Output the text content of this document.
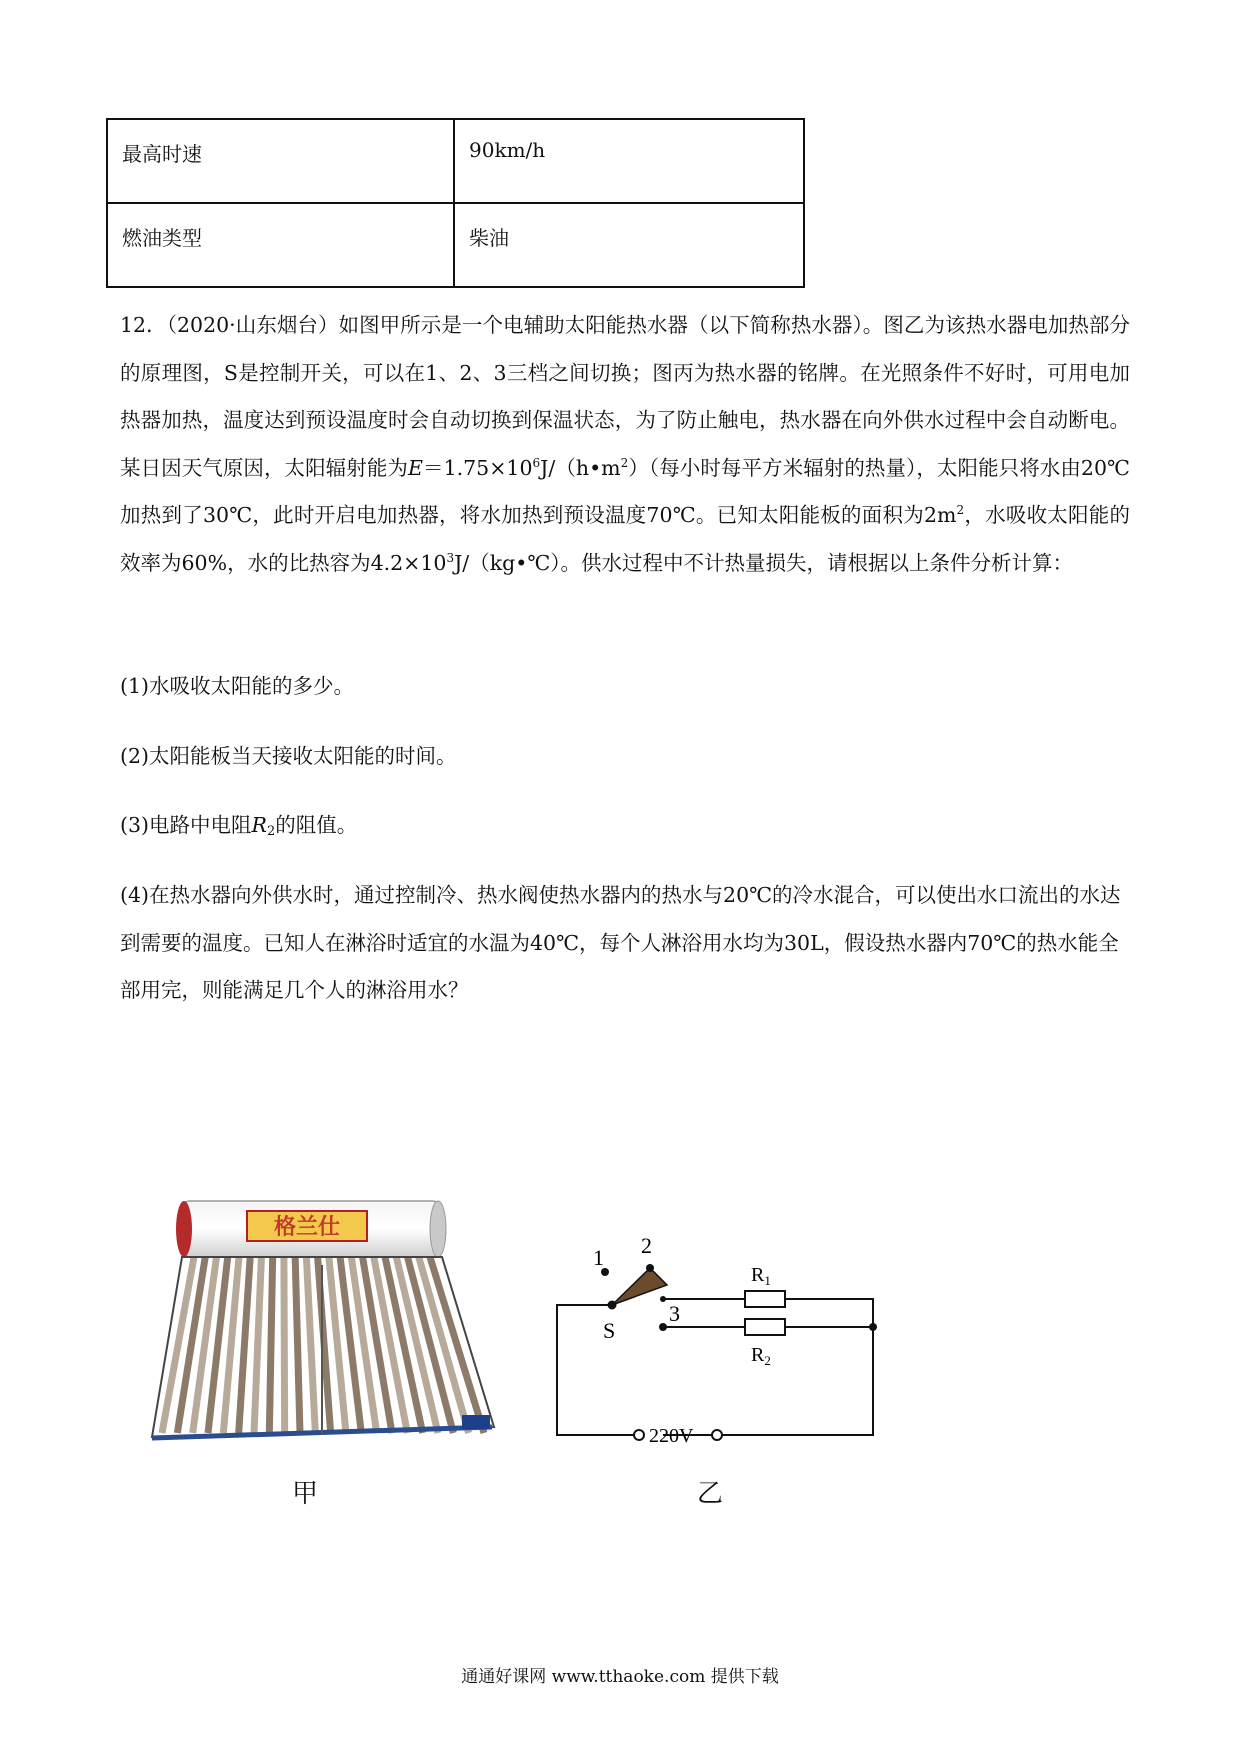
最高时速	90km/h
燃油类型	柴油

12．（2020·山东烟台）如图甲所示是一个电辅助太阳能热水器（以下简称热水器）。图乙为该热水器电加热部分的原理图，S是控制开关，可以在1、2、3三档之间切换；图丙为热水器的铭牌。在光照条件不好时，可用电加热器加热，温度达到预设温度时会自动切换到保温状态，为了防止触电，热水器在向外供水过程中会自动断电。某日因天气原因，太阳辐射能为$E=1.75\times 10^6J/(h•m^2)$（每小时每平方米辐射的热量），太阳能只将水由20℃加热到了30℃，此时开启电加热器，将水加热到预设温度70℃。已知太阳能板的面积为$2m^2$，水吸收太阳能的效率为60%，水的比热容为$4.2\times 10^3J/(kg•℃)$。供水过程中不计热量损失，请根据以上条件分析计算：

(1)水吸收太阳能的多少。

(2)太阳能板当天接收太阳能的时间。

(3)电路中电阻$R_2$的阻值。

(4)在热水器向外供水时，通过控制冷、热水阀使热水器内的热水与20℃的冷水混合，可以使出水口流出的水达到需要的温度。已知人在淋浴时适宜的水温为40℃，每个人淋浴用水均为30L，假设热水器内70℃的热水能全部用完，则能满足几个人的淋浴用水？

格兰仕
1 2
3
S
$R_1$
$R_2$
220V
甲	乙
通通好课网 www.tthaoke.com 提供下载
